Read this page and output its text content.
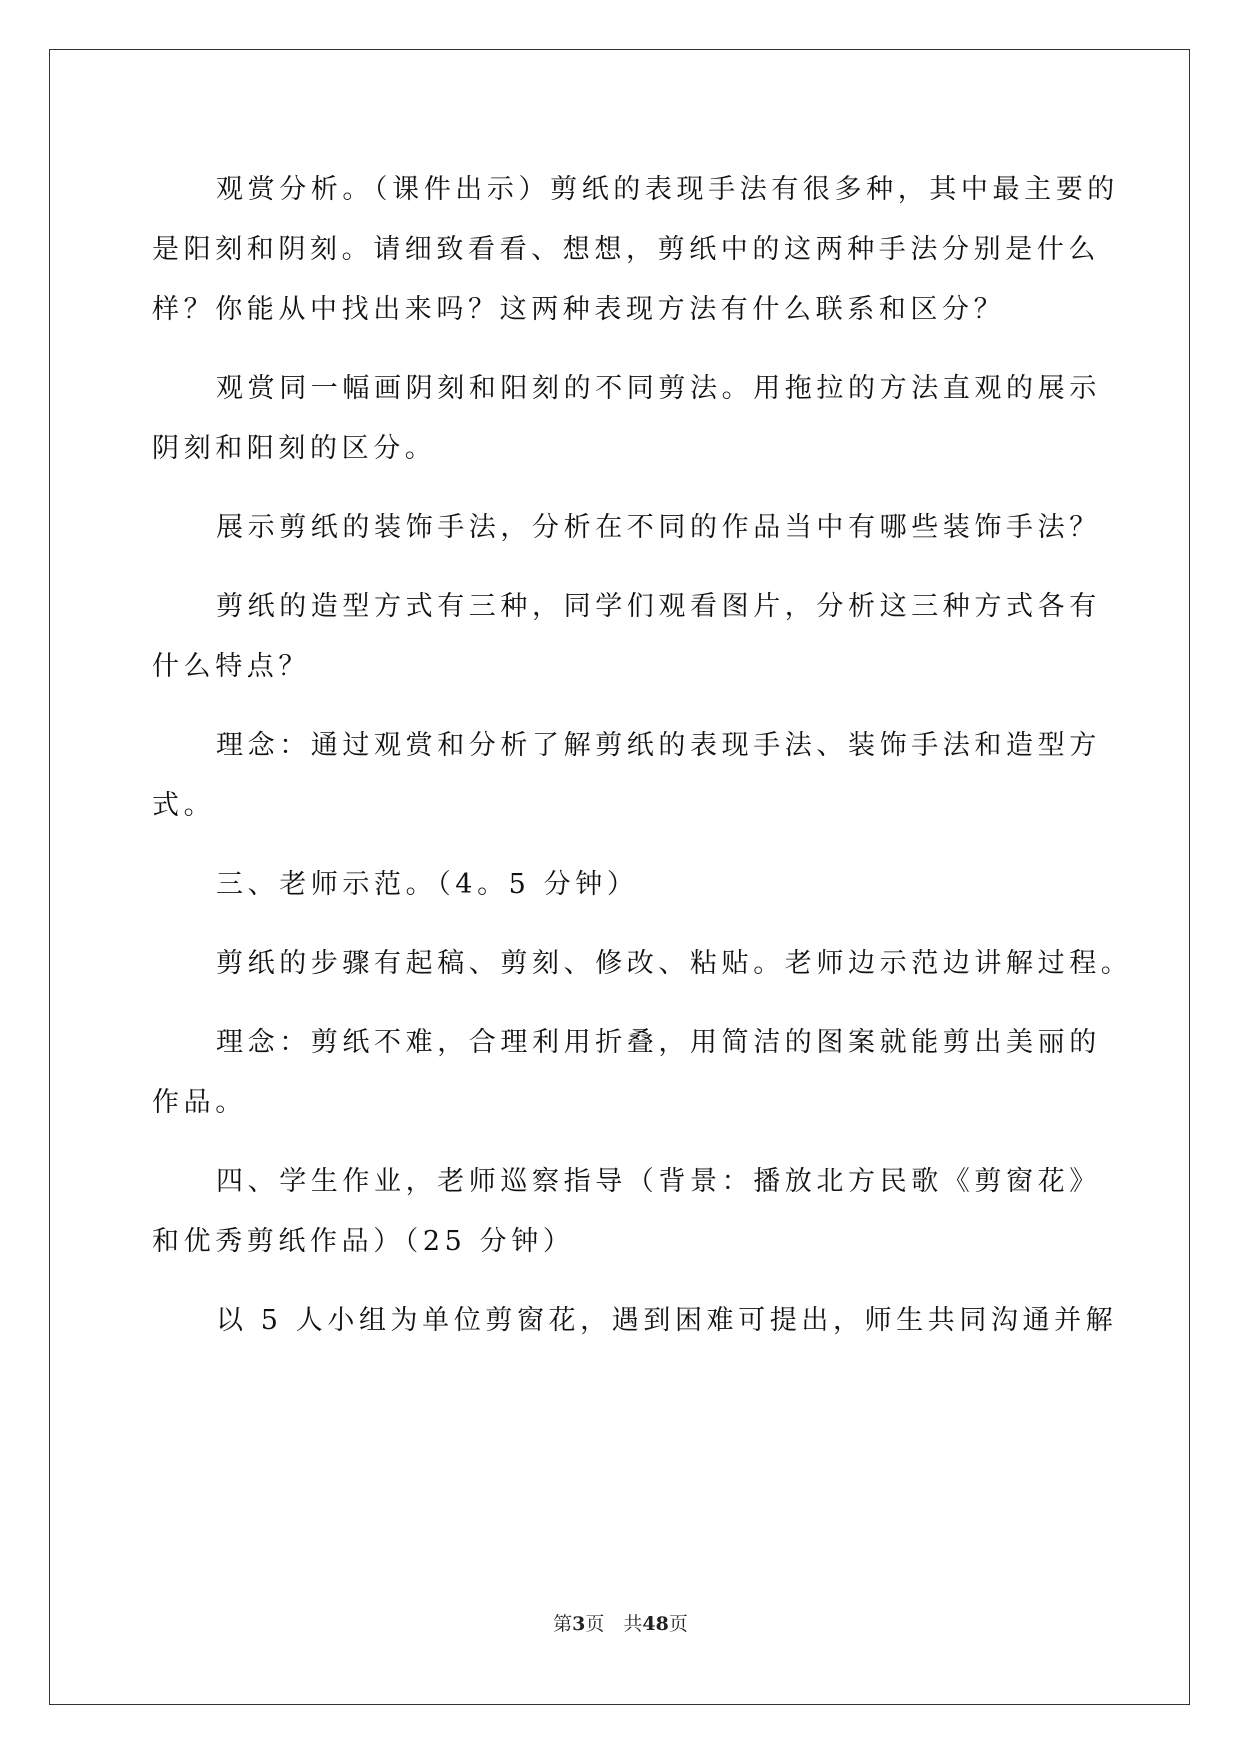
观赏分析。（课件出示）剪纸的表现手法有很多种，其中最主要的
是阳刻和阴刻。请细致看看、想想，剪纸中的这两种手法分别是什么
样？你能从中找出来吗？这两种表现方法有什么联系和区分？
观赏同一幅画阴刻和阳刻的不同剪法。用拖拉的方法直观的展示
阴刻和阳刻的区分。
展示剪纸的装饰手法，分析在不同的作品当中有哪些装饰手法？
剪纸的造型方式有三种，同学们观看图片，分析这三种方式各有
什么特点？
理念：通过观赏和分析了解剪纸的表现手法、装饰手法和造型方
式。
三、老师示范。（4。5 分钟）
剪纸的步骤有起稿、剪刻、修改、粘贴。老师边示范边讲解过程。
理念：剪纸不难，合理利用折叠，用简洁的图案就能剪出美丽的
作品。
四、学生作业，老师巡察指导（背景：播放北方民歌《剪窗花》
和优秀剪纸作品）（25 分钟）
以 5 人小组为单位剪窗花，遇到困难可提出，师生共同沟通并解
第3页　共48页
